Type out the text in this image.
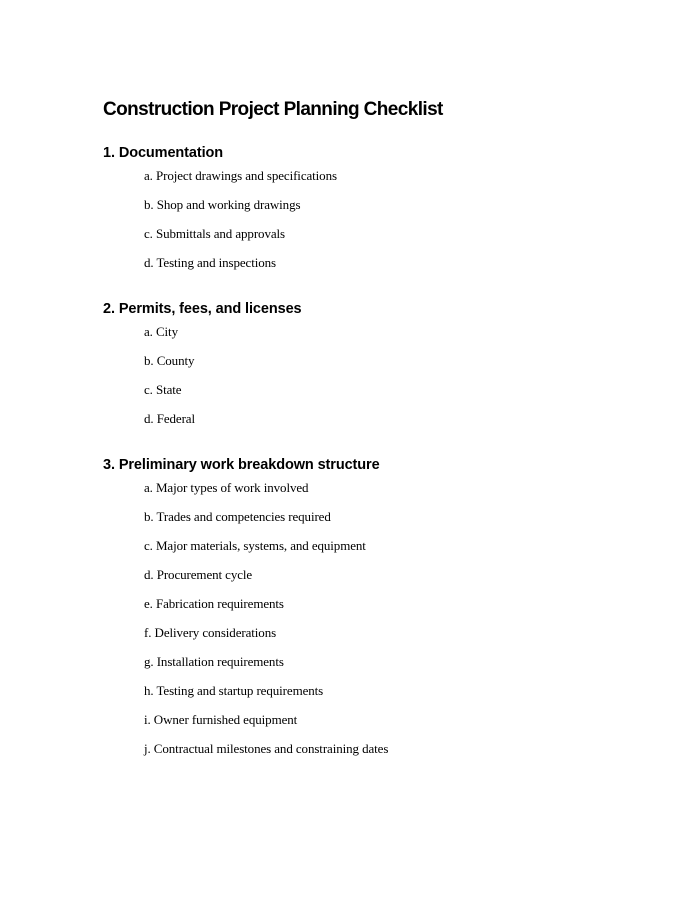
Construction Project Planning Checklist
1. Documentation
a. Project drawings and specifications
b. Shop and working drawings
c. Submittals and approvals
d. Testing and inspections
2. Permits, fees, and licenses
a. City
b. County
c. State
d. Federal
3. Preliminary work breakdown structure
a. Major types of work involved
b. Trades and competencies required
c. Major materials, systems, and equipment
d. Procurement cycle
e. Fabrication requirements
f. Delivery considerations
g. Installation requirements
h. Testing and startup requirements
i. Owner furnished equipment
j. Contractual milestones and constraining dates
